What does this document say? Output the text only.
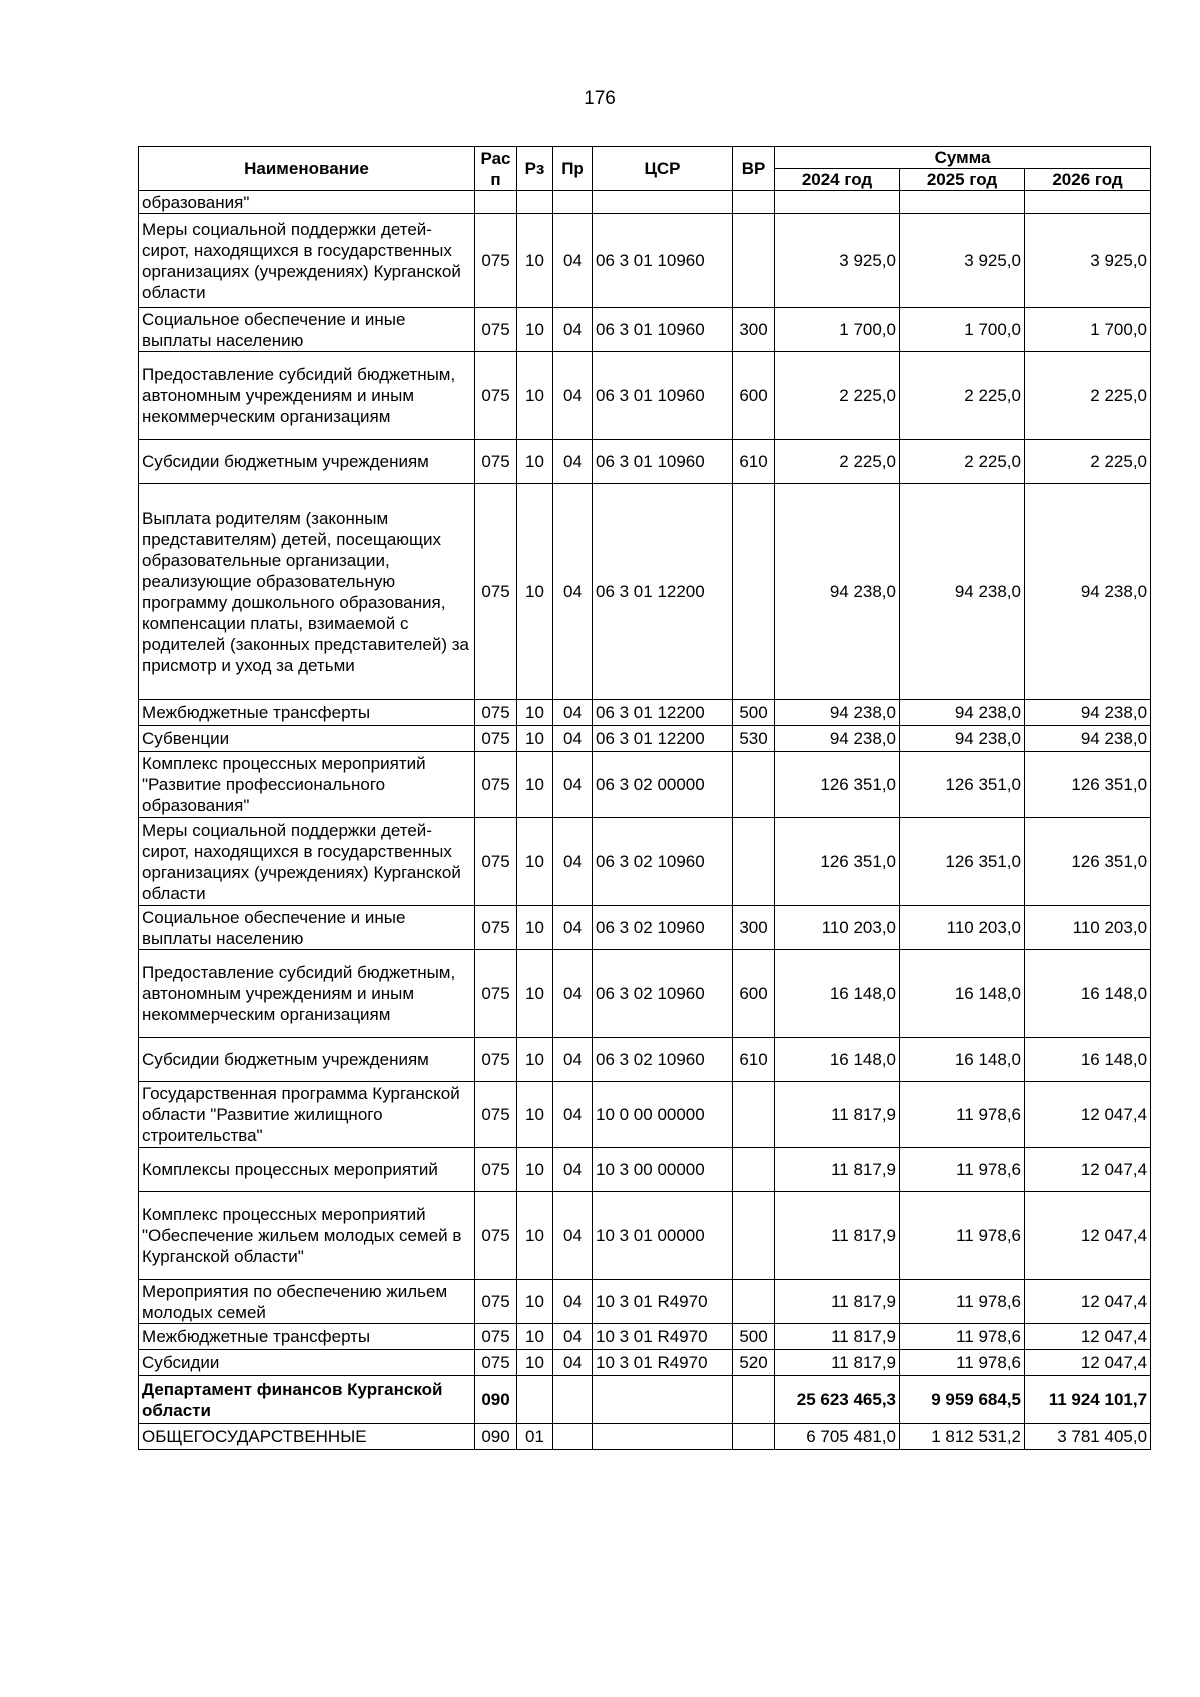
176
Наименование	Рас п	Рз	Пр	ЦСР	ВР	Сумма		
						2024 год	2025 год	2026 год
образования"								
Меры социальной поддержки детей-сирот, находящихся в государственных организациях (учреждениях) Курганской области	075	10	04	06 3 01 10960		3 925,0	3 925,0	3 925,0
Социальное обеспечение и иные выплаты населению	075	10	04	06 3 01 10960	300	1 700,0	1 700,0	1 700,0
Предоставление субсидий бюджетным, автономным учреждениям и иным некоммерческим организациям	075	10	04	06 3 01 10960	600	2 225,0	2 225,0	2 225,0
Субсидии бюджетным учреждениям	075	10	04	06 3 01 10960	610	2 225,0	2 225,0	2 225,0
Выплата родителям (законным представителям) детей, посещающих образовательные организации, реализующие образовательную программу дошкольного образования, компенсации платы, взимаемой с родителей (законных представителей) за присмотр и уход за детьми	075	10	04	06 3 01 12200		94 238,0	94 238,0	94 238,0
Межбюджетные трансферты	075	10	04	06 3 01 12200	500	94 238,0	94 238,0	94 238,0
Субвенции	075	10	04	06 3 01 12200	530	94 238,0	94 238,0	94 238,0
Комплекс процессных мероприятий "Развитие профессионального образования"	075	10	04	06 3 02 00000		126 351,0	126 351,0	126 351,0
Меры социальной поддержки детей-сирот, находящихся в государственных организациях (учреждениях) Курганской области	075	10	04	06 3 02 10960		126 351,0	126 351,0	126 351,0
Социальное обеспечение и иные выплаты населению	075	10	04	06 3 02 10960	300	110 203,0	110 203,0	110 203,0
Предоставление субсидий бюджетным, автономным учреждениям и иным некоммерческим организациям	075	10	04	06 3 02 10960	600	16 148,0	16 148,0	16 148,0
Субсидии бюджетным учреждениям	075	10	04	06 3 02 10960	610	16 148,0	16 148,0	16 148,0
Государственная программа Курганской области "Развитие жилищного строительства"	075	10	04	10 0 00 00000		11 817,9	11 978,6	12 047,4
Комплексы процессных мероприятий	075	10	04	10 3 00 00000		11 817,9	11 978,6	12 047,4
Комплекс процессных мероприятий "Обеспечение жильем молодых семей в Курганской области"	075	10	04	10 3 01 00000		11 817,9	11 978,6	12 047,4
Мероприятия по обеспечению жильем молодых семей	075	10	04	10 3 01 R4970		11 817,9	11 978,6	12 047,4
Межбюджетные трансферты	075	10	04	10 3 01 R4970	500	11 817,9	11 978,6	12 047,4
Субсидии	075	10	04	10 3 01 R4970	520	11 817,9	11 978,6	12 047,4
Департамент финансов Курганской области	090					25 623 465,3	9 959 684,5	11 924 101,7
ОБЩЕГОСУДАРСТВЕННЫЕ	090	01				6 705 481,0	1 812 531,2	3 781 405,0
